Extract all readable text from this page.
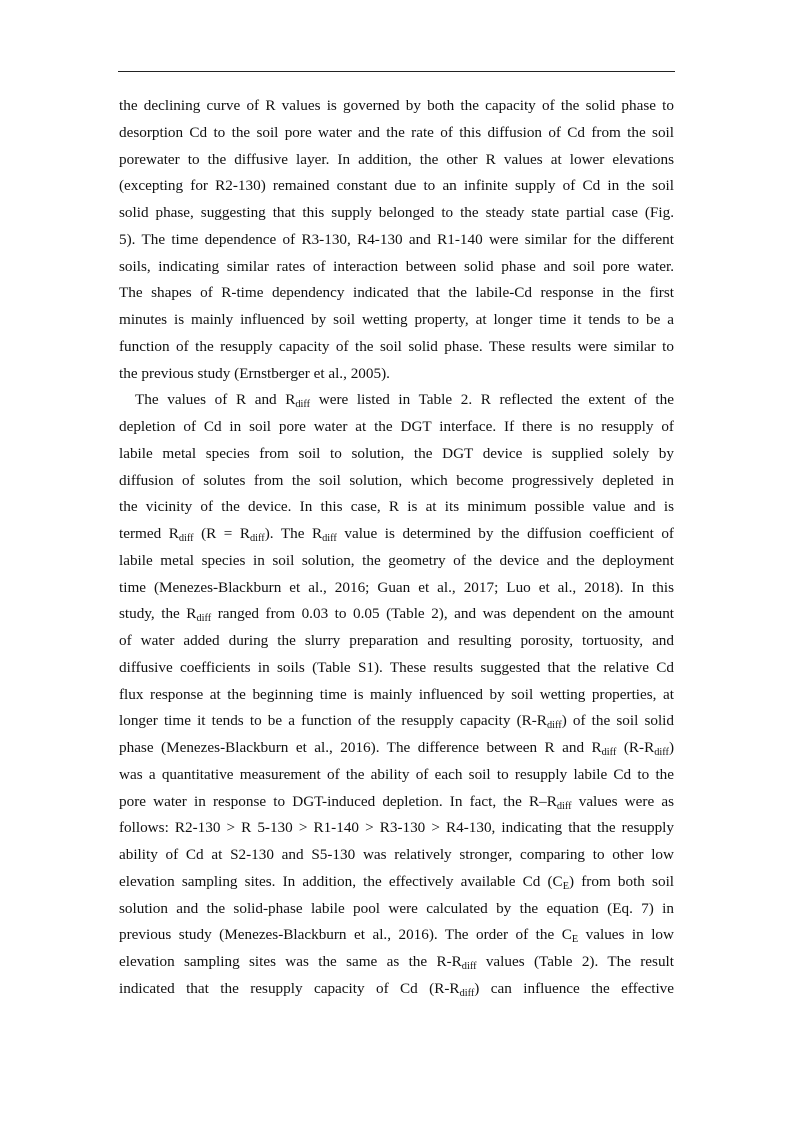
the declining curve of R values is governed by both the capacity of the solid phase to
desorption Cd to the soil pore water and the rate of this diffusion of Cd from the soil
porewater to the diffusive layer. In addition, the other R values at lower elevations
(excepting for R2-130) remained constant due to an infinite supply of Cd in the soil
solid phase, suggesting that this supply belonged to the steady state partial case (Fig.
5). The time dependence of R3-130, R4-130 and R1-140 were similar for the different
soils, indicating similar rates of interaction between solid phase and soil pore water.
The shapes of R-time dependency indicated that the labile-Cd response in the first
minutes is mainly influenced by soil wetting property, at longer time it tends to be a
function of the resupply capacity of the soil solid phase. These results were similar to
the previous study (Ernstberger et al., 2005).
The values of R and $R_{diff}$ were listed in Table 2. R reflected the extent of the
depletion of Cd in soil pore water at the DGT interface. If there is no resupply of
labile metal species from soil to solution, the DGT device is supplied solely by
diffusion of solutes from the soil solution, which become progressively depleted in
the vicinity of the device. In this case, R is at its minimum possible value and is
termed $R_{diff}$ $(R = R_{diff})$. The $R_{diff}$ value is determined by the diffusion coefficient of
labile metal species in soil solution, the geometry of the device and the deployment
time (Menezes-Blackburn et al., 2016; Guan et al., 2017; Luo et al., 2018). In this
study, the $R_{diff}$ ranged from 0.03 to 0.05 (Table 2), and was dependent on the amount
of water added during the slurry preparation and resulting porosity, tortuosity, and
diffusive coefficients in soils (Table S1). These results suggested that the relative Cd
flux response at the beginning time is mainly influenced by soil wetting properties, at
longer time it tends to be a function of the resupply capacity $(R-R_{diff})$ of the soil solid
phase (Menezes-Blackburn et al., 2016). The difference between R and $R_{diff}$ $(R-R_{diff})$
was a quantitative measurement of the ability of each soil to resupply labile Cd to the
pore water in response to DGT-induced depletion. In fact, the $R-R_{diff}$ values were as
follows: R2-130 > R 5-130 > R1-140 > R3-130 > R4-130, indicating that the resupply
ability of Cd at S2-130 and S5-130 was relatively stronger, comparing to other low
elevation sampling sites. In addition, the effectively available Cd $(C_E)$ from both soil
solution and the solid-phase labile pool were calculated by the equation (Eq. 7) in
previous study (Menezes-Blackburn et al., 2016). The order of the $C_E$ values in low
elevation sampling sites was the same as the $R-R_{diff}$ values (Table 2). The result
indicated that the resupply capacity of Cd $(R-R_{diff})$ can influence the effective
